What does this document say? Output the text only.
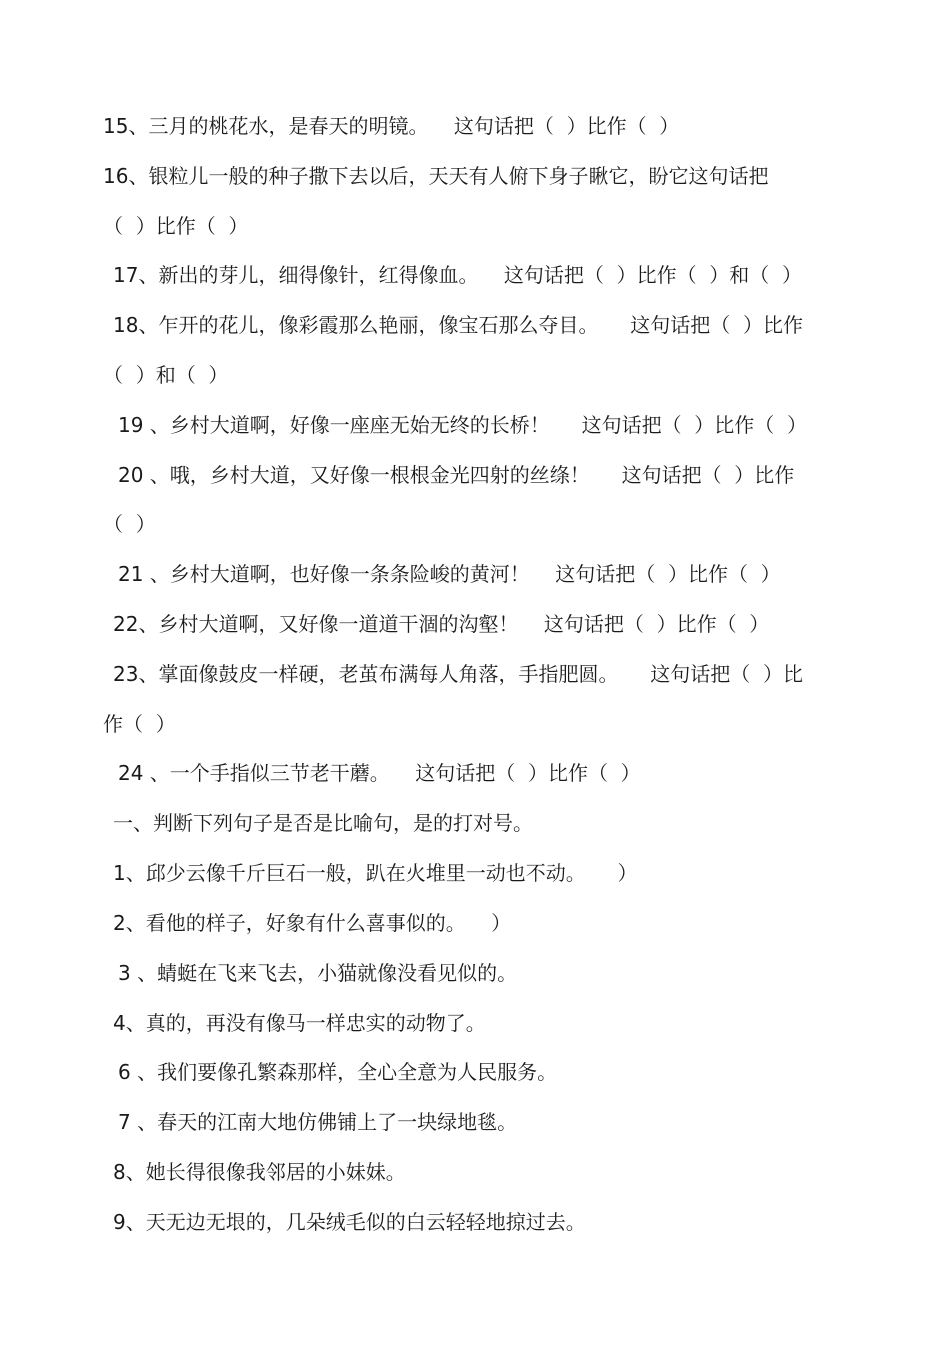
15、三月的桃花水，是春天的明镜。    这句话把（  ）比作（  ）
16、银粒儿一般的种子撒下去以后，天天有人俯下身子瞅它，盼它这句话把
（  ）比作（  ）
17、新出的芽儿，细得像针，红得像血。    这句话把（  ）比作（  ）和（  ）
18、乍开的花儿，像彩霞那么艳丽，像宝石那么夺目。     这句话把（  ）比作
（  ）和（  ）
19 、乡村大道啊，好像一座座无始无终的长桥！     这句话把（  ）比作（  ）
20 、哦，乡村大道，又好像一根根金光四射的丝绦！     这句话把（  ）比作
（  ）
21 、乡村大道啊，也好像一条条险峻的黄河！    这句话把（  ）比作（  ）
22、乡村大道啊，又好像一道道干涸的沟壑！    这句话把（  ）比作（  ）
23、掌面像鼓皮一样硬，老茧布满每人角落，手指肥圆。     这句话把（  ）比
作（  ）
24 、一个手指似三节老干蘑。    这句话把（  ）比作（  ）
一、判断下列句子是否是比喻句，是的打对号。
1、邱少云像千斤巨石一般，趴在火堆里一动也不动。     ）
2、看他的样子，好象有什么喜事似的。    ）
3 、蜻蜓在飞来飞去，小猫就像没看见似的。
4、真的，再没有像马一样忠实的动物了。
6 、我们要像孔繁森那样，全心全意为人民服务。
7 、春天的江南大地仿佛铺上了一块绿地毯。
8、她长得很像我邻居的小妹妹。
9、天无边无垠的，几朵绒毛似的白云轻轻地掠过去。
